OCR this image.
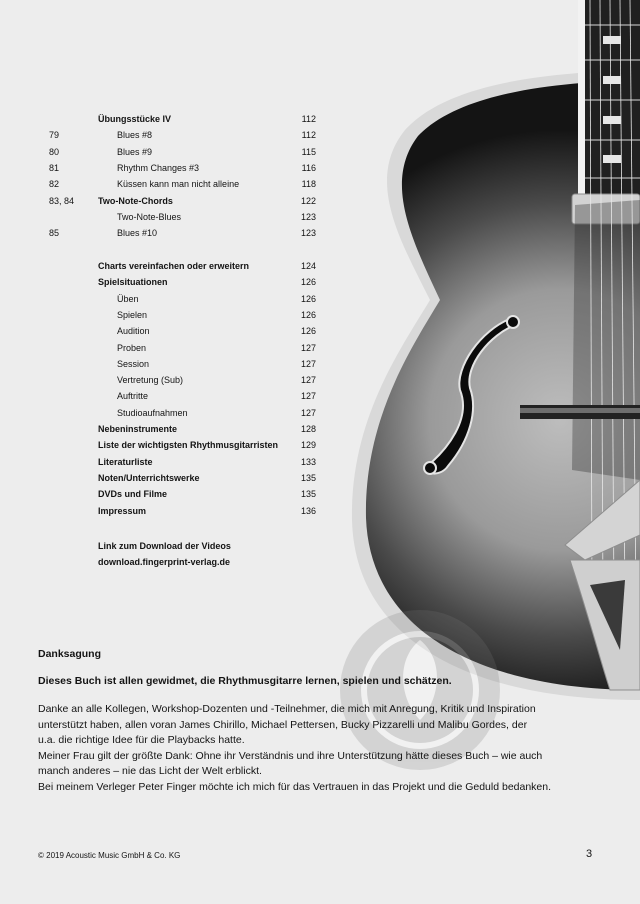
Übungsstücke IV	112
79	Blues #8	112
80	Blues #9	115
81	Rhythm Changes #3	116
82	Küssen kann man nicht alleine	118
83, 84	Two-Note-Chords	122
Two-Note-Blues	123
85	Blues #10	123
Charts vereinfachen oder erweitern	124
Spielsituationen	126
Üben	126
Spielen	126
Audition	126
Proben	127
Session	127
Vertretung (Sub)	127
Auftritte	127
Studioaufnahmen	127
Nebeninstrumente	128
Liste der wichtigsten Rhythmusgitarristen	129
Literaturliste	133
Noten/Unterrichtswerke	135
DVDs und Filme	135
Impressum	136
Link zum Download der Videos
download.fingerprint-verlag.de
Danksagung
Dieses Buch ist allen gewidmet, die Rhythmusgitarre lernen, spielen und schätzen.

Danke an alle Kollegen, Workshop-Dozenten und -Teilnehmer, die mich mit Anregung, Kritik und Inspiration

unterstützt haben, allen voran James Chirillo, Michael Pettersen, Bucky Pizzarelli und Malibu Gordes, der

u.a. die richtige Idee für die Playbacks hatte.

Meiner Frau gilt der größte Dank: Ohne ihr Verständnis und ihre Unterstützung hätte dieses Buch – wie auch

manch anderes – nie das Licht der Welt erblickt.

Bei meinem Verleger Peter Finger möchte ich mich für das Vertrauen in das Projekt und die Geduld bedanken.

© 2019 Acoustic Music GmbH & Co. KG	3
